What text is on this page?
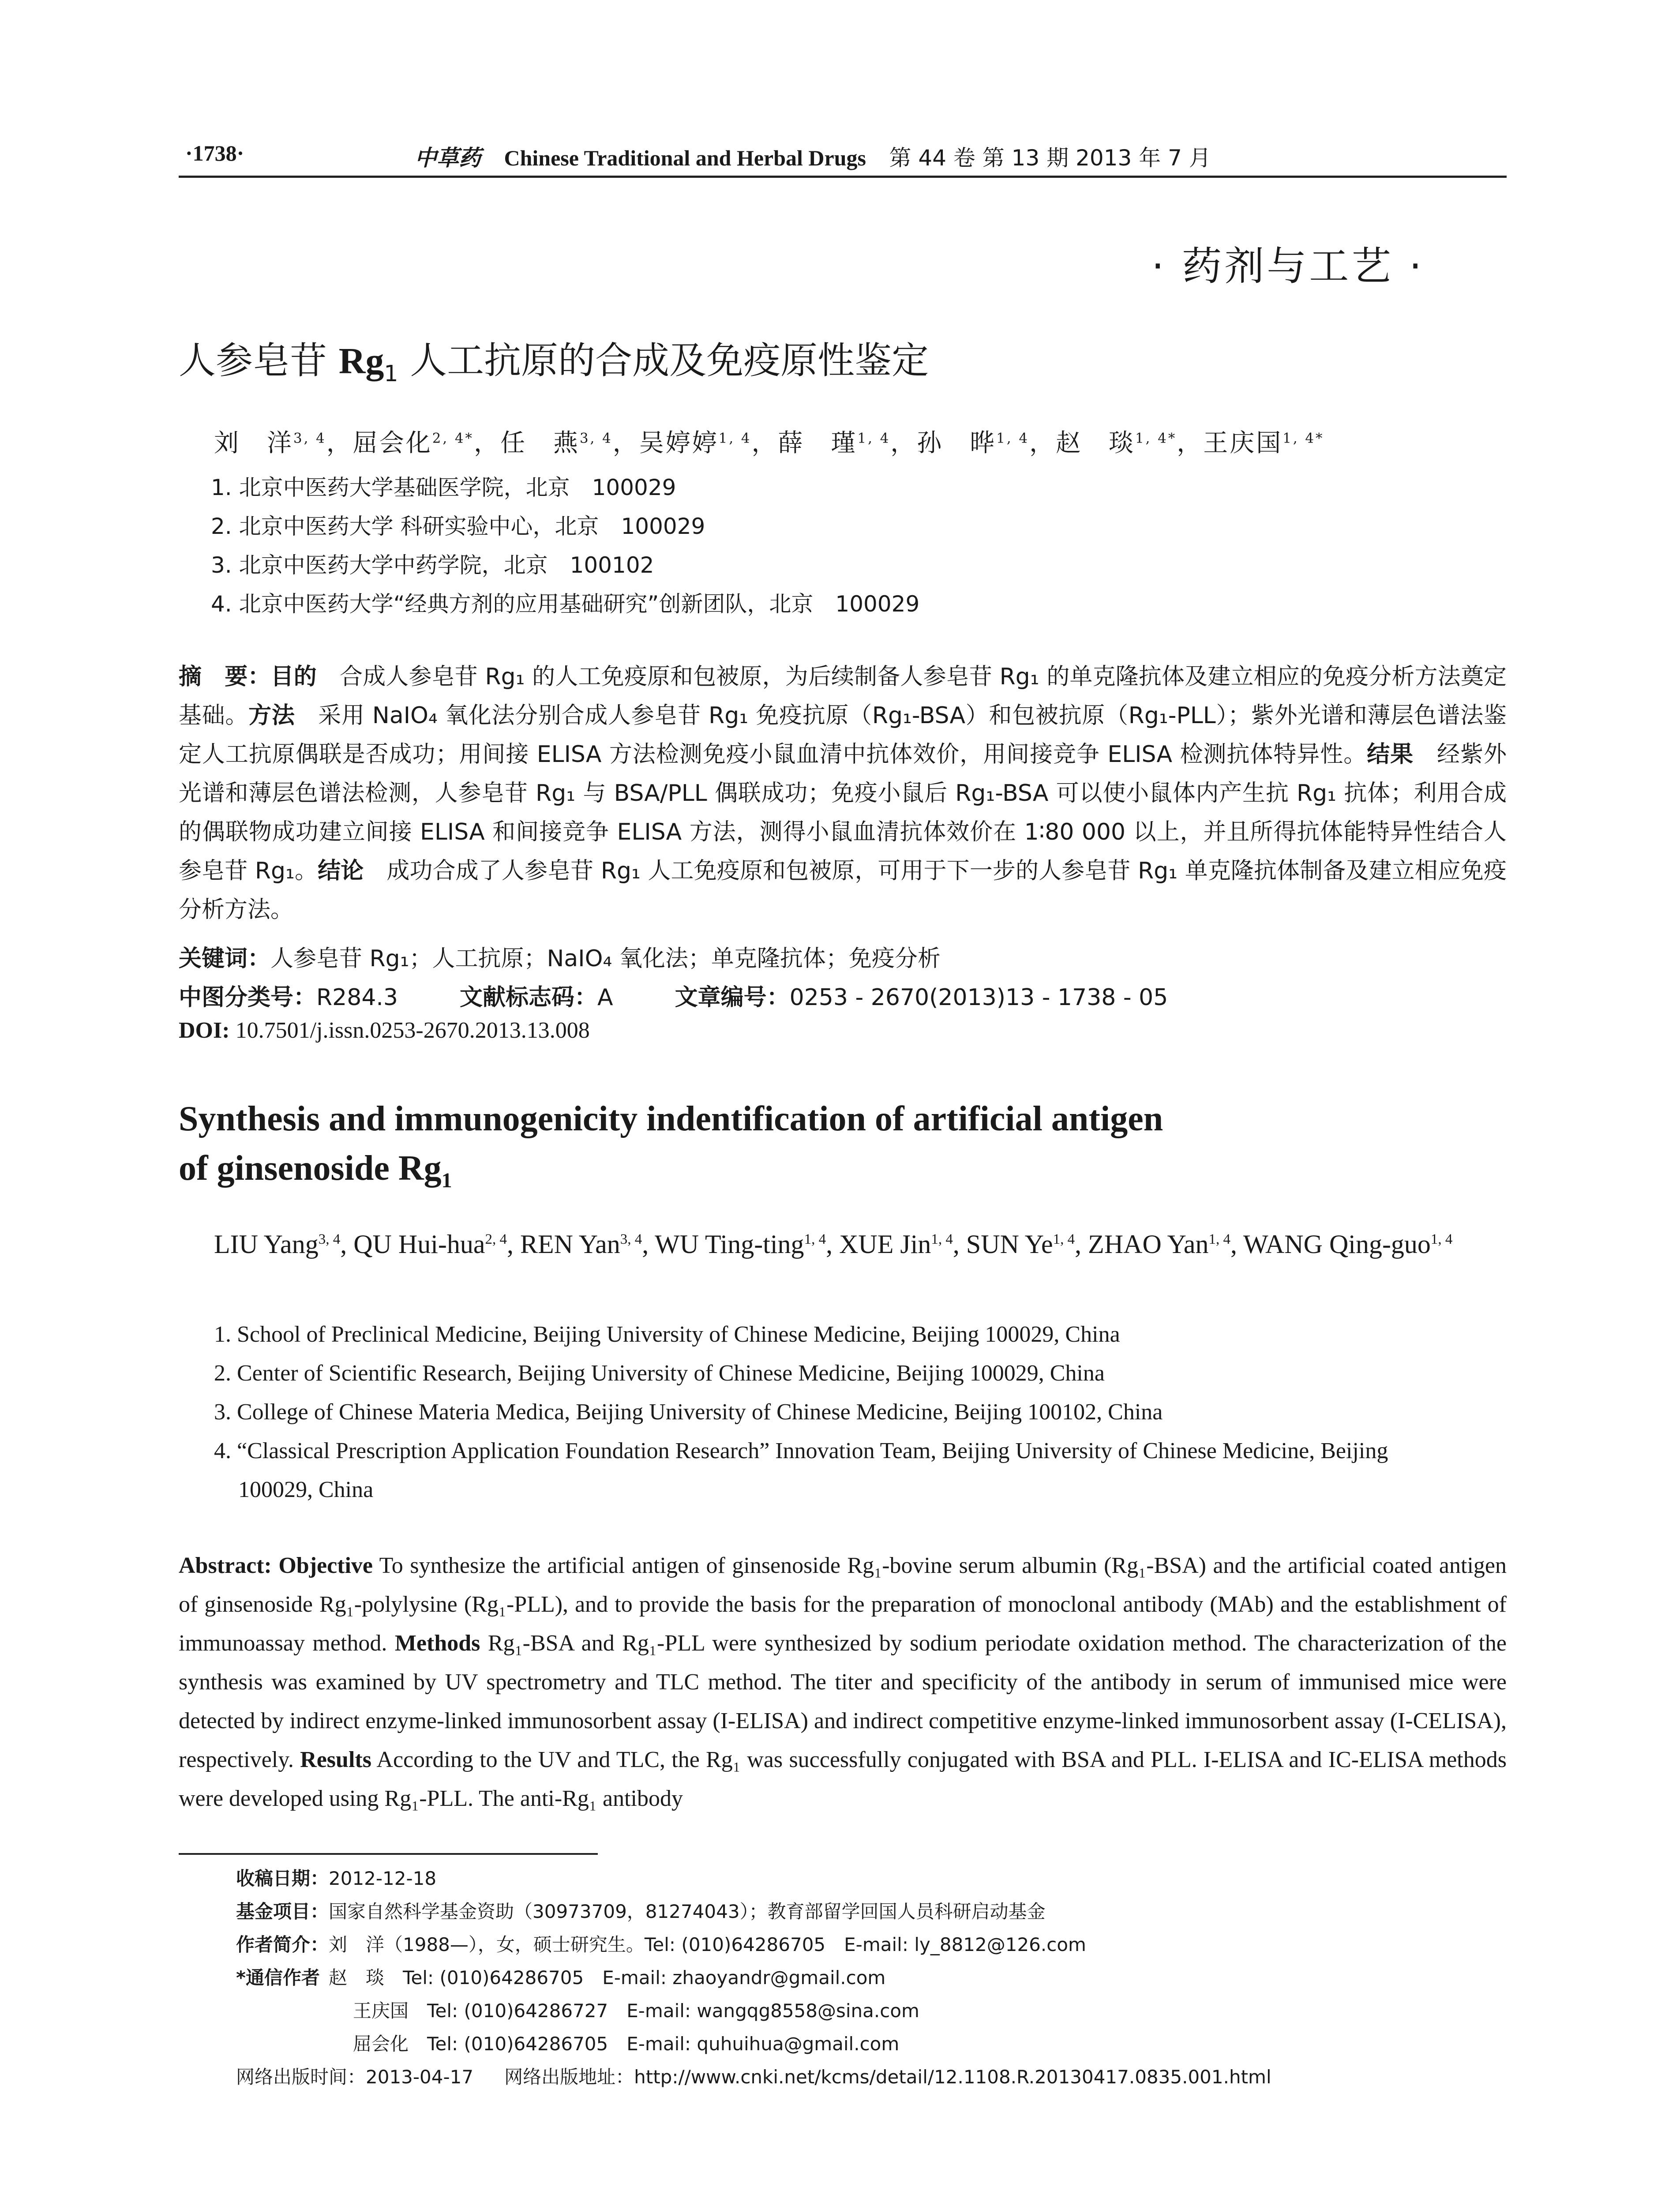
·1738·	中草药 Chinese Traditional and Herbal Drugs 第 44 卷 第 13 期 2013 年 7 月
· 药剂与工艺 ·
人参皂苷 $Rg_1$ 人工抗原的合成及免疫原性鉴定
刘　洋$^{3, 4}$，屈会化$^{2, 4*}$，任　燕$^{3, 4}$，吴婷婷$^{1, 4}$，薛　瑾$^{1, 4}$，孙　晔$^{1, 4}$，赵　琰$^{1, 4*}$，王庆国$^{1, 4*}$
1. 北京中医药大学基础医学院，北京　100029
2. 北京中医药大学 科研实验中心，北京　100029
3. 北京中医药大学中药学院，北京　100102
4. 北京中医药大学“经典方剂的应用基础研究”创新团队，北京　100029
摘　要：目的　合成人参皂苷 Rg₁ 的人工免疫原和包被原，为后续制备人参皂苷 Rg₁ 的单克隆抗体及建立相应的免疫分析方法奠定基础。方法　采用 NaIO₄ 氧化法分别合成人参皂苷 Rg₁ 免疫抗原（Rg₁-BSA）和包被抗原（Rg₁-PLL）；紫外光谱和薄层色谱法鉴定人工抗原偶联是否成功；用间接 ELISA 方法检测免疫小鼠血清中抗体效价，用间接竞争 ELISA 检测抗体特异性。结果　经紫外光谱和薄层色谱法检测，人参皂苷 Rg₁ 与 BSA/PLL 偶联成功；免疫小鼠后 Rg₁-BSA 可以使小鼠体内产生抗 Rg₁ 抗体；利用合成的偶联物成功建立间接 ELISA 和间接竞争 ELISA 方法，测得小鼠血清抗体效价在 1∶80 000 以上，并且所得抗体能特异性结合人参皂苷 Rg₁。结论　成功合成了人参皂苷 Rg₁ 人工免疫原和包被原，可用于下一步的人参皂苷 Rg₁ 单克隆抗体制备及建立相应免疫分析方法。
关键词：人参皂苷 Rg₁；人工抗原；NaIO₄ 氧化法；单克隆抗体；免疫分析
中图分类号：R284.3	文献标志码：A	文章编号：0253 - 2670(2013)13 - 1738 - 05
DOI: 10.7501/j.issn.0253-2670.2013.13.008
Synthesis and immunogenicity indentification of artificial antigen
of ginsenoside $Rg_1$
LIU Yang$^{3, 4}$, QU Hui-hua$^{2, 4}$, REN Yan$^{3, 4}$, WU Ting-ting$^{1, 4}$, XUE Jin$^{1, 4}$, SUN Ye$^{1, 4}$, ZHAO Yan$^{1, 4}$, WANG Qing-guo$^{1, 4}$
1. School of Preclinical Medicine, Beijing University of Chinese Medicine, Beijing 100029, China
2. Center of Scientific Research, Beijing University of Chinese Medicine, Beijing 100029, China
3. College of Chinese Materia Medica, Beijing University of Chinese Medicine, Beijing 100102, China
4. “Classical Prescription Application Foundation Research” Innovation Team, Beijing University of Chinese Medicine, Beijing
100029, China
Abstract: Objective To synthesize the artificial antigen of ginsenoside Rg₁-bovine serum albumin (Rg₁-BSA) and the artificial coated antigen of ginsenoside Rg₁-polylysine (Rg₁-PLL), and to provide the basis for the preparation of monoclonal antibody (MAb) and the establishment of immunoassay method. Methods Rg₁-BSA and Rg₁-PLL were synthesized by sodium periodate oxidation method. The characterization of the synthesis was examined by UV spectrometry and TLC method. The titer and specificity of the antibody in serum of immunised mice were detected by indirect enzyme-linked immunosorbent assay (I-ELISA) and indirect competitive enzyme-linked immunosorbent assay (I-CELISA), respectively. Results According to the UV and TLC, the Rg₁ was successfully conjugated with BSA and PLL. I-ELISA and IC-ELISA methods were developed using Rg₁-PLL. The anti-Rg₁ antibody
收稿日期：2012-12-18
基金项目：国家自然科学基金资助（30973709，81274043）；教育部留学回国人员科研启动基金
作者简介：刘　洋（1988—），女，硕士研究生。Tel: (010)64286705　E-mail: ly_8812@126.com
*通信作者 赵　琰　Tel: (010)64286705　E-mail: zhaoyandr@gmail.com
王庆国　Tel: (010)64286727　E-mail: wangqg8558@sina.com
屈会化　Tel: (010)64286705　E-mail: quhuihua@gmail.com
网络出版时间：2013-04-17 网络出版地址：http://www.cnki.net/kcms/detail/12.1108.R.20130417.0835.001.html
